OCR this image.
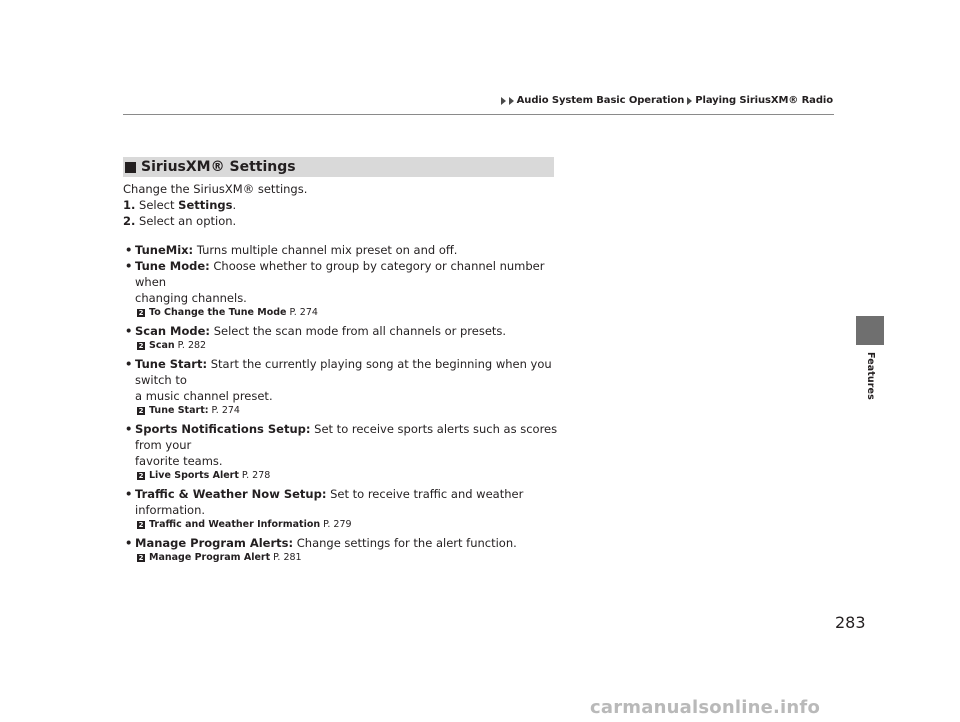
Audio System Basic Operation Playing SiriusXM® Radio
Features
SiriusXM® Settings

Change the SiriusXM® settings.

1. Select Settings.

2. Select an option.

• TuneMix: Turns multiple channel mix preset on and off.

• Tune Mode: Choose whether to group by category or channel number when

changing channels.

2 To Change the Tune Mode P. 274

• Scan Mode: Select the scan mode from all channels or presets.

2 Scan P. 282

• Tune Start: Start the currently playing song at the beginning when you switch to

a music channel preset.

2 Tune Start: P. 274

• Sports Notifications Setup: Set to receive sports alerts such as scores from your

favorite teams.

2 Live Sports Alert P. 278

• Traffic & Weather Now Setup: Set to receive traffic and weather information.

2 Traffic and Weather Information P. 279

• Manage Program Alerts: Change settings for the alert function.

2 Manage Program Alert P. 281

283
carmanualsonline.info
